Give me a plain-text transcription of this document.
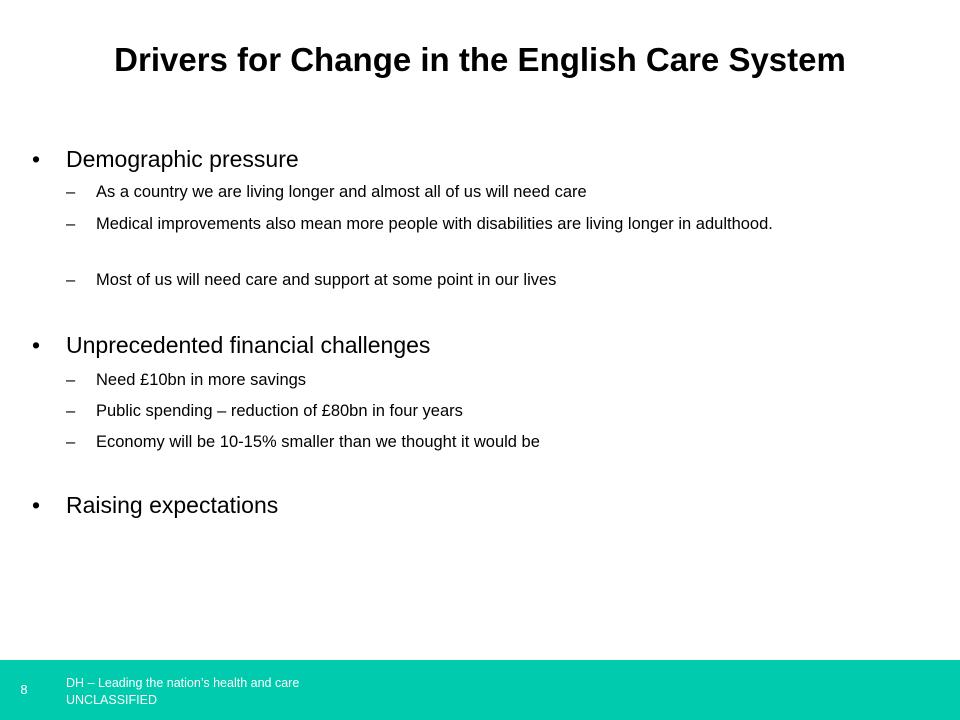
Drivers for Change in the English Care System
• Demographic pressure
– As a country we are living longer and almost all of us will need care
– Medical improvements also mean more people with disabilities are living longer in adulthood.
– Most of us will need care and support at some point in our lives
• Unprecedented financial challenges
– Need £10bn in more savings
– Public spending – reduction of £80bn in four years
– Economy will be 10-15% smaller than we thought it would be
• Raising expectations
8	DH – Leading the nation’s health and care
UNCLASSIFIED
